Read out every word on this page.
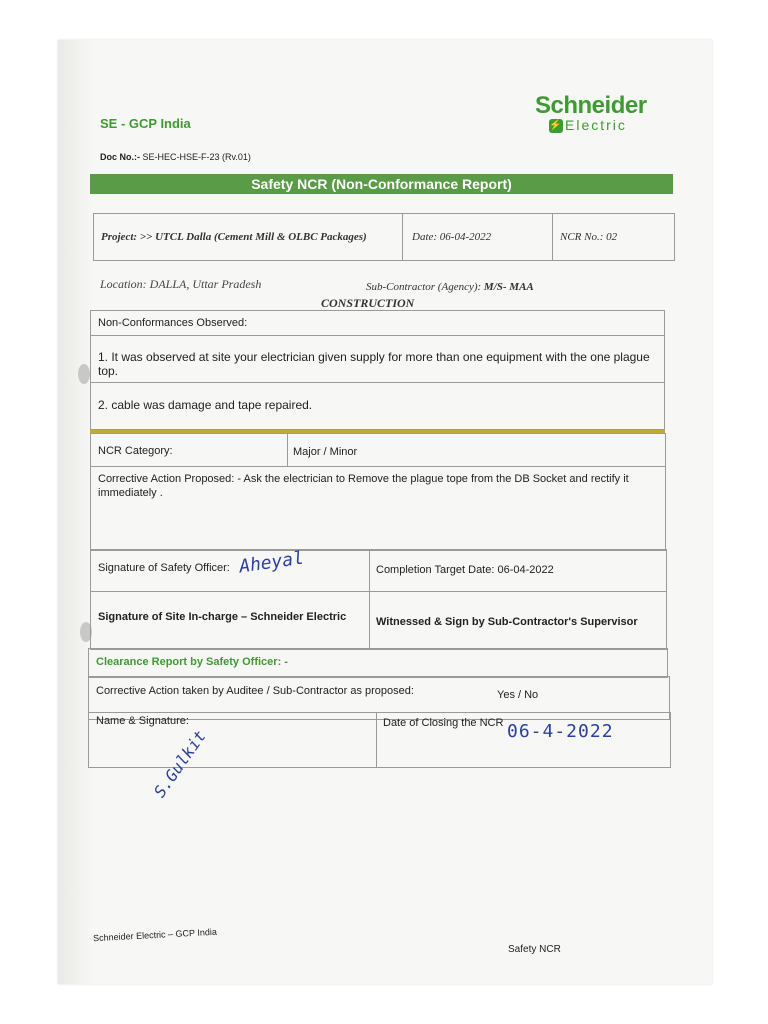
SE - GCP India
Schneider
⚡ Electric
Doc No.:- SE-HEC-HSE-F-23 (Rv.01)
Safety NCR (Non-Conformance Report)
Project: >> UTCL Dalla (Cement Mill & OLBC Packages)	Date: 06-04-2022	NCR No.: 02
Location: DALLA, Uttar Pradesh	Sub-Contractor (Agency): M/S- MAA
CONSTRUCTION
Non-Conformances Observed:
1. It was observed at site your electrician given supply for more than one equipment with the one plague top.
2. cable was damage and tape repaired.
NCR Category:	Major / Minor
Corrective Action Proposed: - Ask the electrician to Remove the plague tope from the DB Socket and rectify it immediately .
Signature of Safety Officer: Aheyal	Completion Target Date: 06-04-2022
Signature of Site In-charge – Schneider Electric	Witnessed & Sign by Sub-Contractor's Supervisor
Clearance Report by Safety Officer: -
Corrective Action taken by Auditee / Sub-Contractor as proposed:	Yes / No
Name & Signature:	Date of Closing the NCR 06-4-2022
S.Gulkit
Schneider Electric – GCP India
Safety NCR
